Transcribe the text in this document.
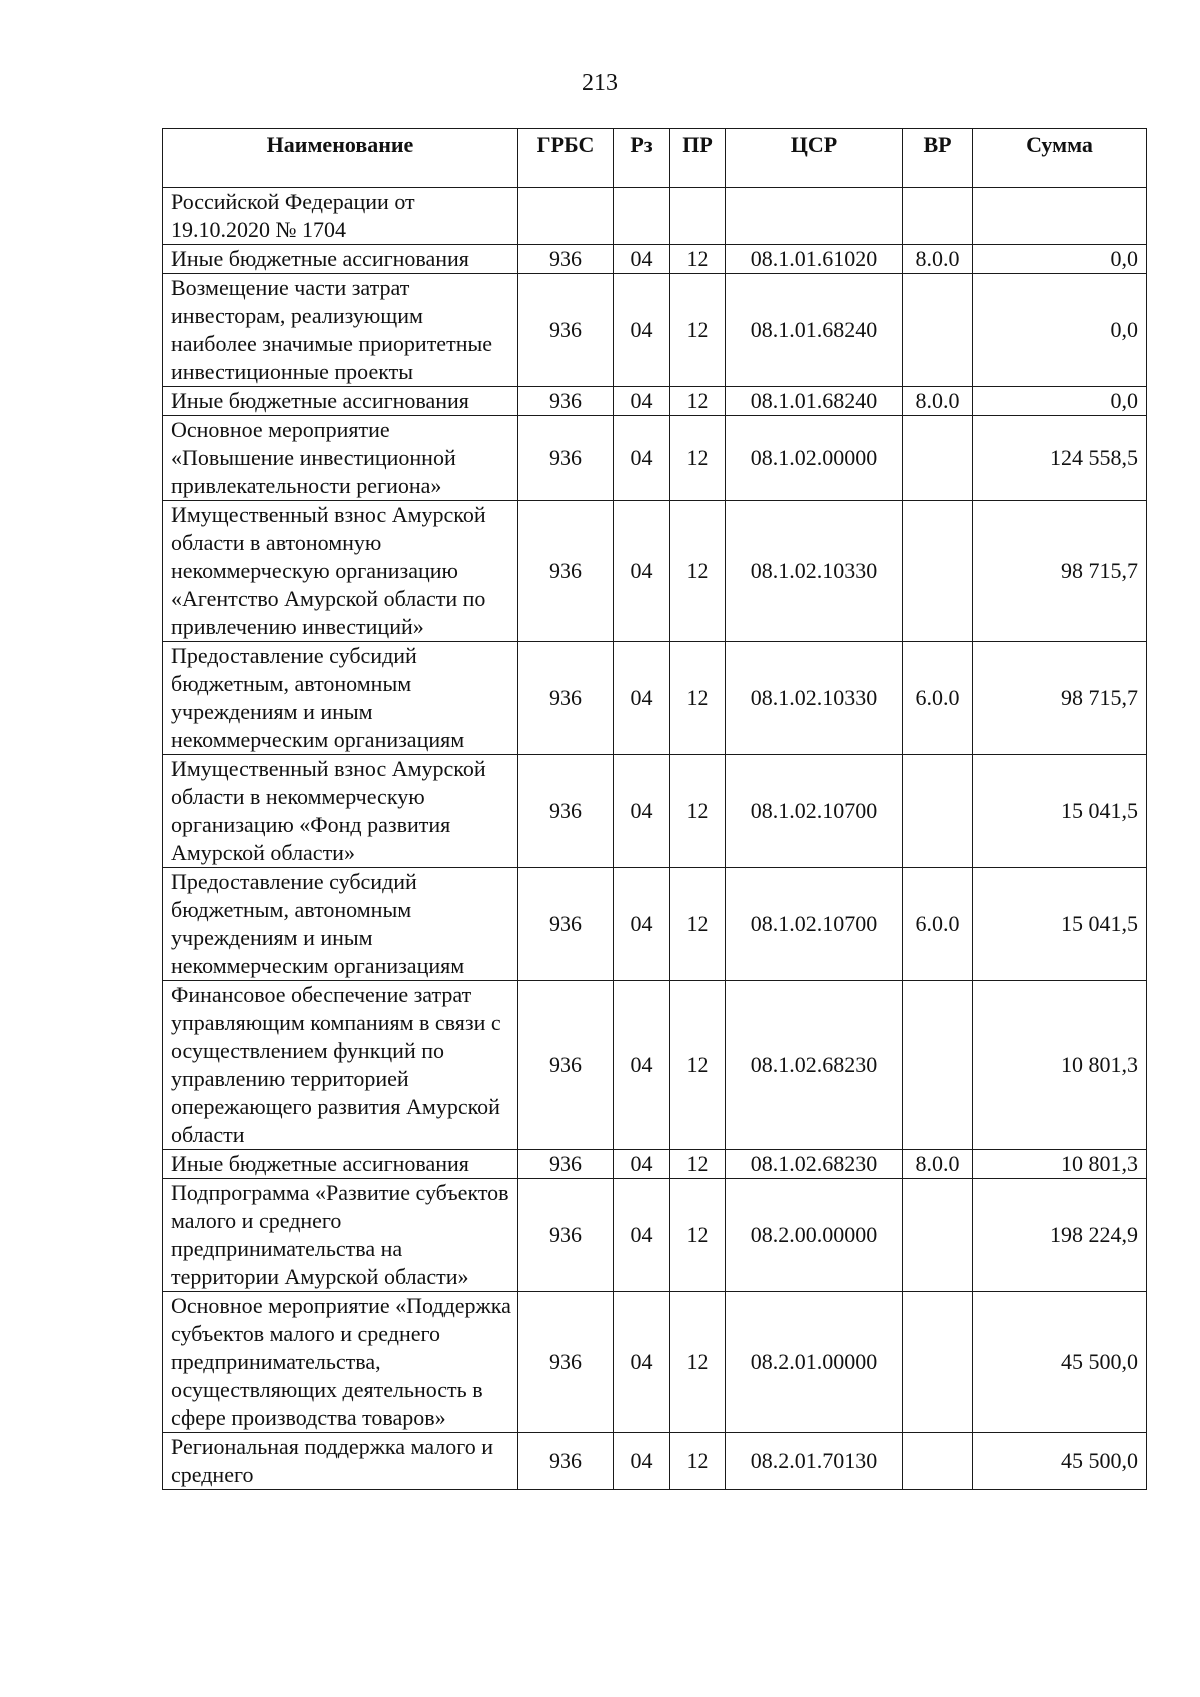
213
Наименование	ГРБС	Рз	ПР	ЦСР	ВР	Сумма
Российской Федерации от 19.10.2020 № 1704						
Иные бюджетные ассигнования	936	04	12	08.1.01.61020	8.0.0	0,0
Возмещение части затрат инвесторам, реализующим наиболее значимые приоритетные инвестиционные проекты	936	04	12	08.1.01.68240		0,0
Иные бюджетные ассигнования	936	04	12	08.1.01.68240	8.0.0	0,0
Основное мероприятие «Повышение инвестиционной привлекательности региона»	936	04	12	08.1.02.00000		124 558,5
Имущественный взнос Амурской области в автономную некоммерческую организацию «Агентство Амурской области по привлечению инвестиций»	936	04	12	08.1.02.10330		98 715,7
Предоставление субсидий бюджетным, автономным учреждениям и иным некоммерческим организациям	936	04	12	08.1.02.10330	6.0.0	98 715,7
Имущественный взнос Амурской области в некоммерческую организацию «Фонд развития Амурской области»	936	04	12	08.1.02.10700		15 041,5
Предоставление субсидий бюджетным, автономным учреждениям и иным некоммерческим организациям	936	04	12	08.1.02.10700	6.0.0	15 041,5
Финансовое обеспечение затрат управляющим компаниям в связи с осуществлением функций по управлению территорией опережающего развития Амурской области	936	04	12	08.1.02.68230		10 801,3
Иные бюджетные ассигнования	936	04	12	08.1.02.68230	8.0.0	10 801,3
Подпрограмма «Развитие субъектов малого и среднего предпринимательства на территории Амурской области»	936	04	12	08.2.00.00000		198 224,9
Основное мероприятие «Поддержка субъектов малого и среднего предпринимательства, осуществляющих деятельность в сфере производства товаров»	936	04	12	08.2.01.00000		45 500,0
Региональная поддержка малого и среднего	936	04	12	08.2.01.70130		45 500,0
